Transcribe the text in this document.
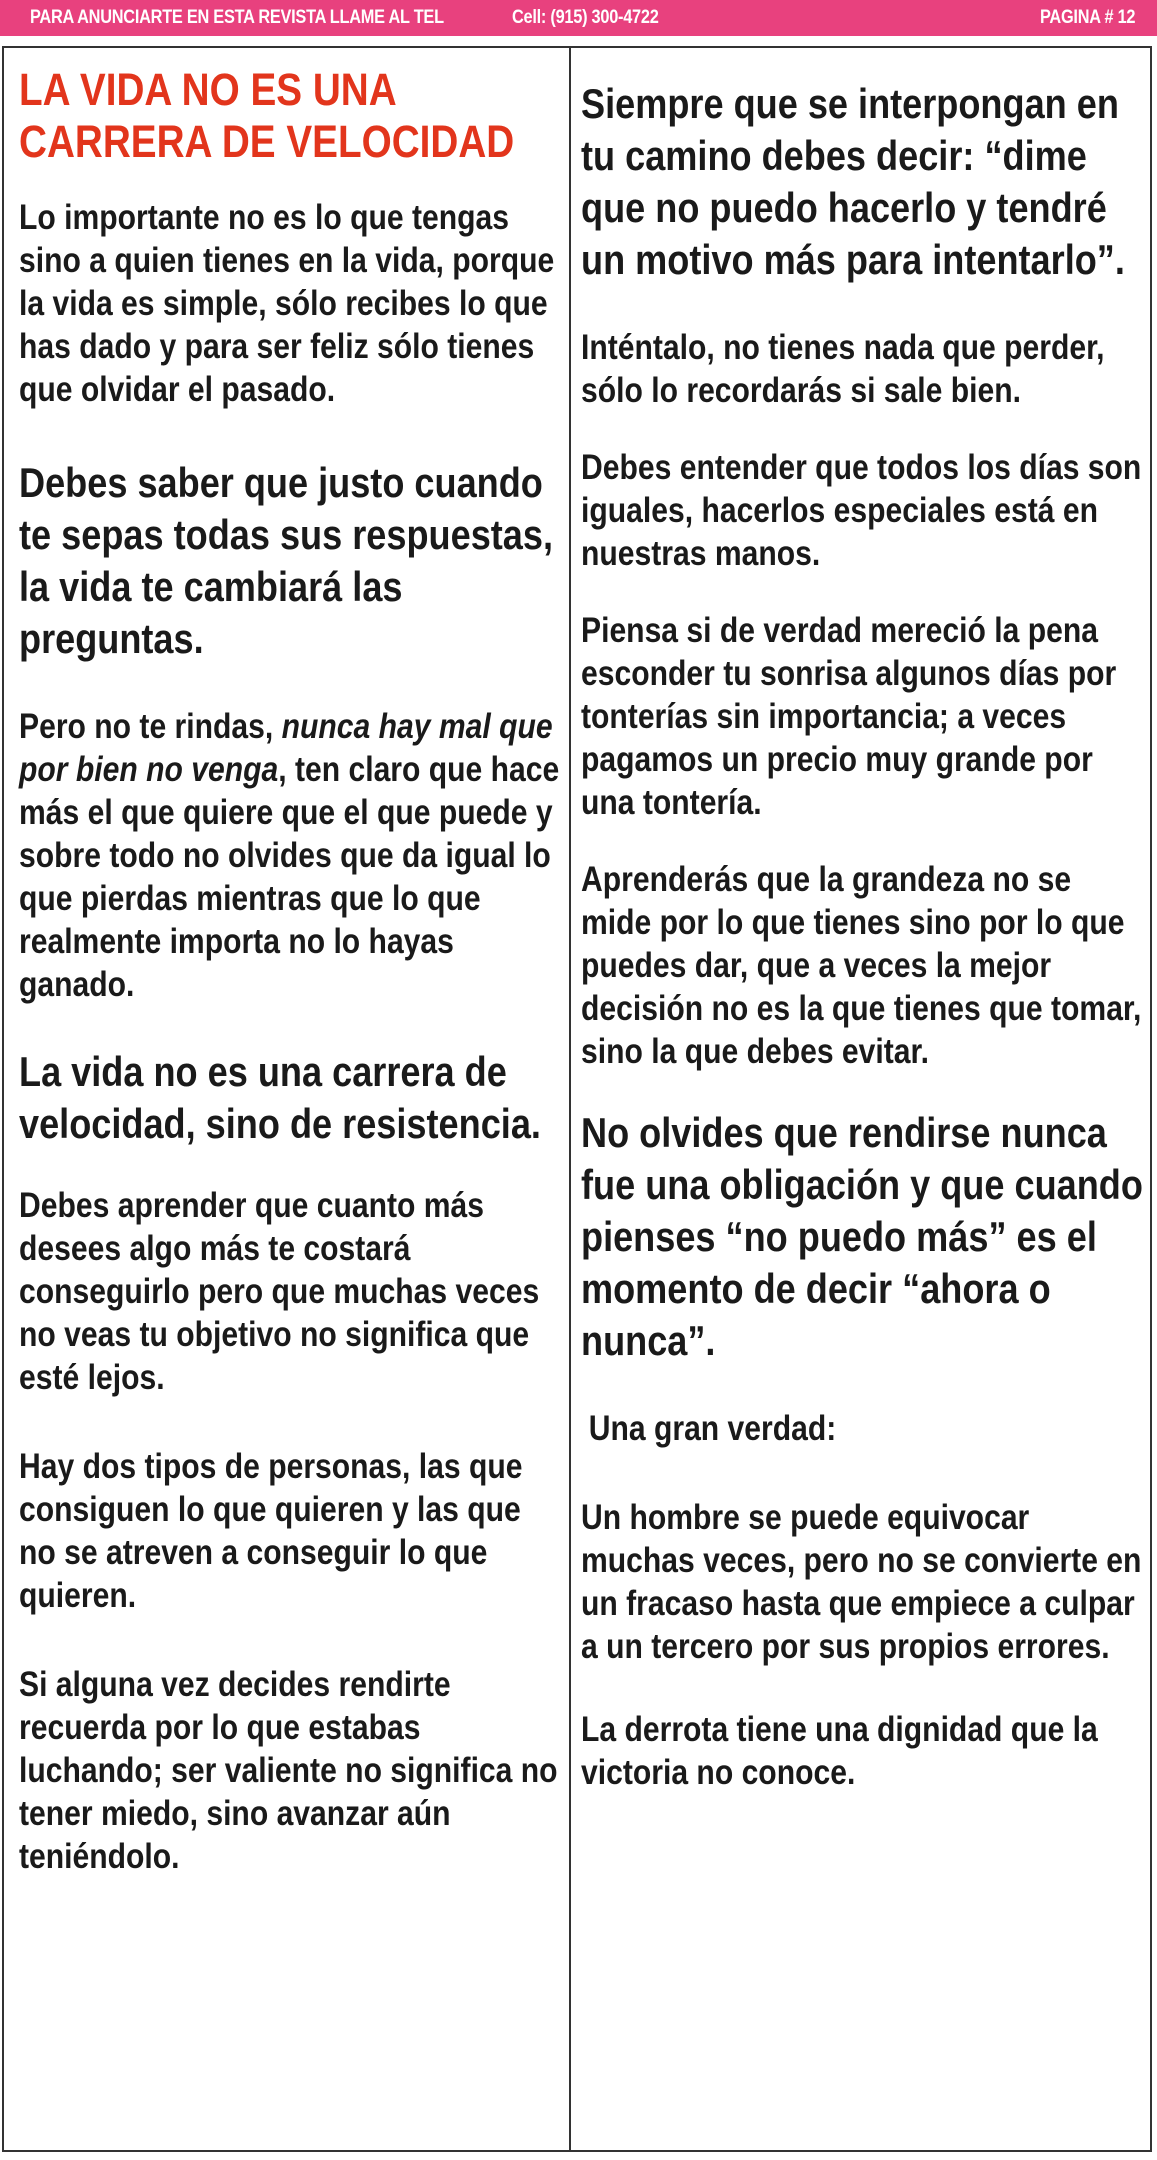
PARA ANUNCIARTE EN ESTA REVISTA LLAME AL TEL	Cell: (915) 300-4722	PAGINA # 12
LA VIDA NO ES UNA
CARRERA DE VELOCIDAD

Lo importante no es lo que tengas sino a quien tienes en la vida, porque la vida es simple, sólo recibes lo que has dado y para ser feliz sólo tienes que olvidar el pasado.

Debes saber que justo cuando te sepas todas sus respuestas, la vida te cambiará las preguntas.

Pero no te rindas, nunca hay mal que por bien no venga, ten claro que hace más el que quiere que el que puede y sobre todo no olvides que da igual lo que pierdas mientras que lo que realmente importa no lo hayas ganado.

La vida no es una carrera de velocidad, sino de resistencia.

Debes aprender que cuanto más desees algo más te costará conseguirlo pero que muchas veces no veas tu objetivo no significa que esté lejos.

Hay dos tipos de personas, las que consiguen lo que quieren y las que no se atreven a conseguir lo que quieren.

Si alguna vez decides rendirte recuerda por lo que estabas luchando; ser valiente no significa no tener miedo, sino avanzar aún teniéndolo.

Siempre que se interpongan en tu camino debes decir: “dime que no puedo hacerlo y tendré un motivo más para intentarlo”.

Inténtalo, no tienes nada que perder, sólo lo recordarás si sale bien.

Debes entender que todos los días son iguales, hacerlos especiales está en nuestras manos.

Piensa si de verdad mereció la pena esconder tu sonrisa algunos días por tonterías sin importancia; a veces pagamos un precio muy grande por una tontería.

Aprenderás que la grandeza no se mide por lo que tienes sino por lo que puedes dar, que a veces la mejor decisión no es la que tienes que tomar, sino la que debes evitar.

No olvides que rendirse nunca fue una obligación y que cuando pienses “no puedo más” es el momento de decir “ahora o nunca”.

Una gran verdad:

Un hombre se puede equivocar muchas veces, pero no se convierte en un fracaso hasta que empiece a culpar a un tercero por sus propios errores.

La derrota tiene una dignidad que la victoria no conoce.
